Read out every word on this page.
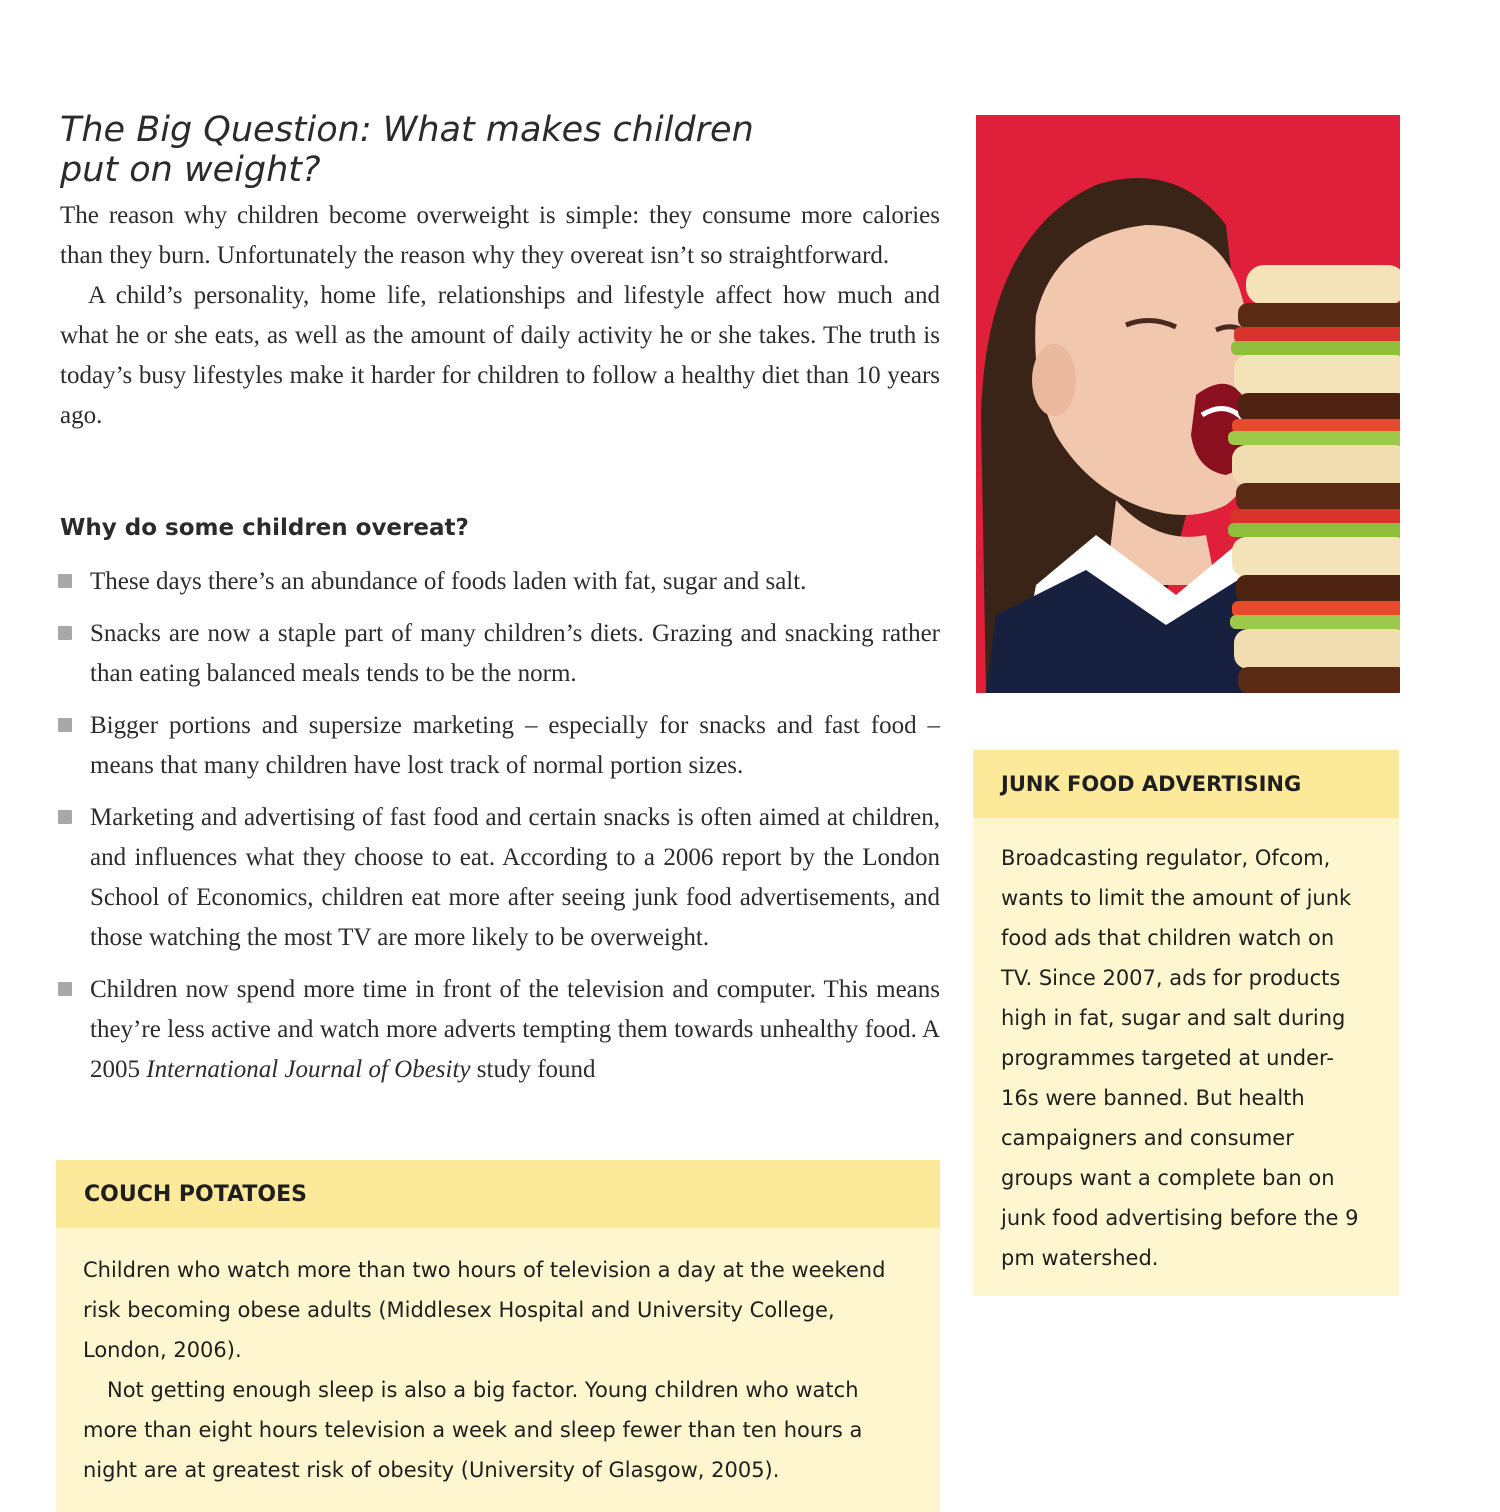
The Big Question: What makes children put on weight?

The reason why children become overweight is simple: they consume more calories than they burn. Unfortunately the reason why they overeat isn’t so straightforward.

A child’s personality, home life, relationships and lifestyle affect how much and what he or she eats, as well as the amount of daily activity he or she takes. The truth is today’s busy lifestyles make it harder for children to follow a healthy diet than 10 years ago.

Why do some children overeat?
These days there’s an abundance of foods laden with fat, sugar and salt.
Snacks are now a staple part of many children’s diets. Grazing and snacking rather than eating balanced meals tends to be the norm.
Bigger portions and supersize marketing – especially for snacks and fast food – means that many children have lost track of normal portion sizes.
Marketing and advertising of fast food and certain snacks is often aimed at children, and influences what they choose to eat. According to a 2006 report by the London School of Economics, children eat more after seeing junk food advertisements, and those watching the most TV are more likely to be overweight.
Children now spend more time in front of the television and computer. This means they’re less active and watch more adverts tempting them towards unhealthy food. A 2005 International Journal of Obesity study found
COUCH POTATOES

Children who watch more than two hours of television a day at the weekend risk becoming obese adults (Middlesex Hospital and University College, London, 2006).

Not getting enough sleep is also a big factor. Young children who watch more than eight hours television a week and sleep fewer than ten hours a night are at greatest risk of obesity (University of Glasgow, 2005).

JUNK FOOD ADVERTISING

Broadcasting regulator, Ofcom, wants to limit the amount of junk food ads that children watch on TV. Since 2007, ads for products high in fat, sugar and salt during programmes targeted at under-16s were banned. But health campaigners and consumer groups want a complete ban on junk food advertising before the 9 pm watershed.
